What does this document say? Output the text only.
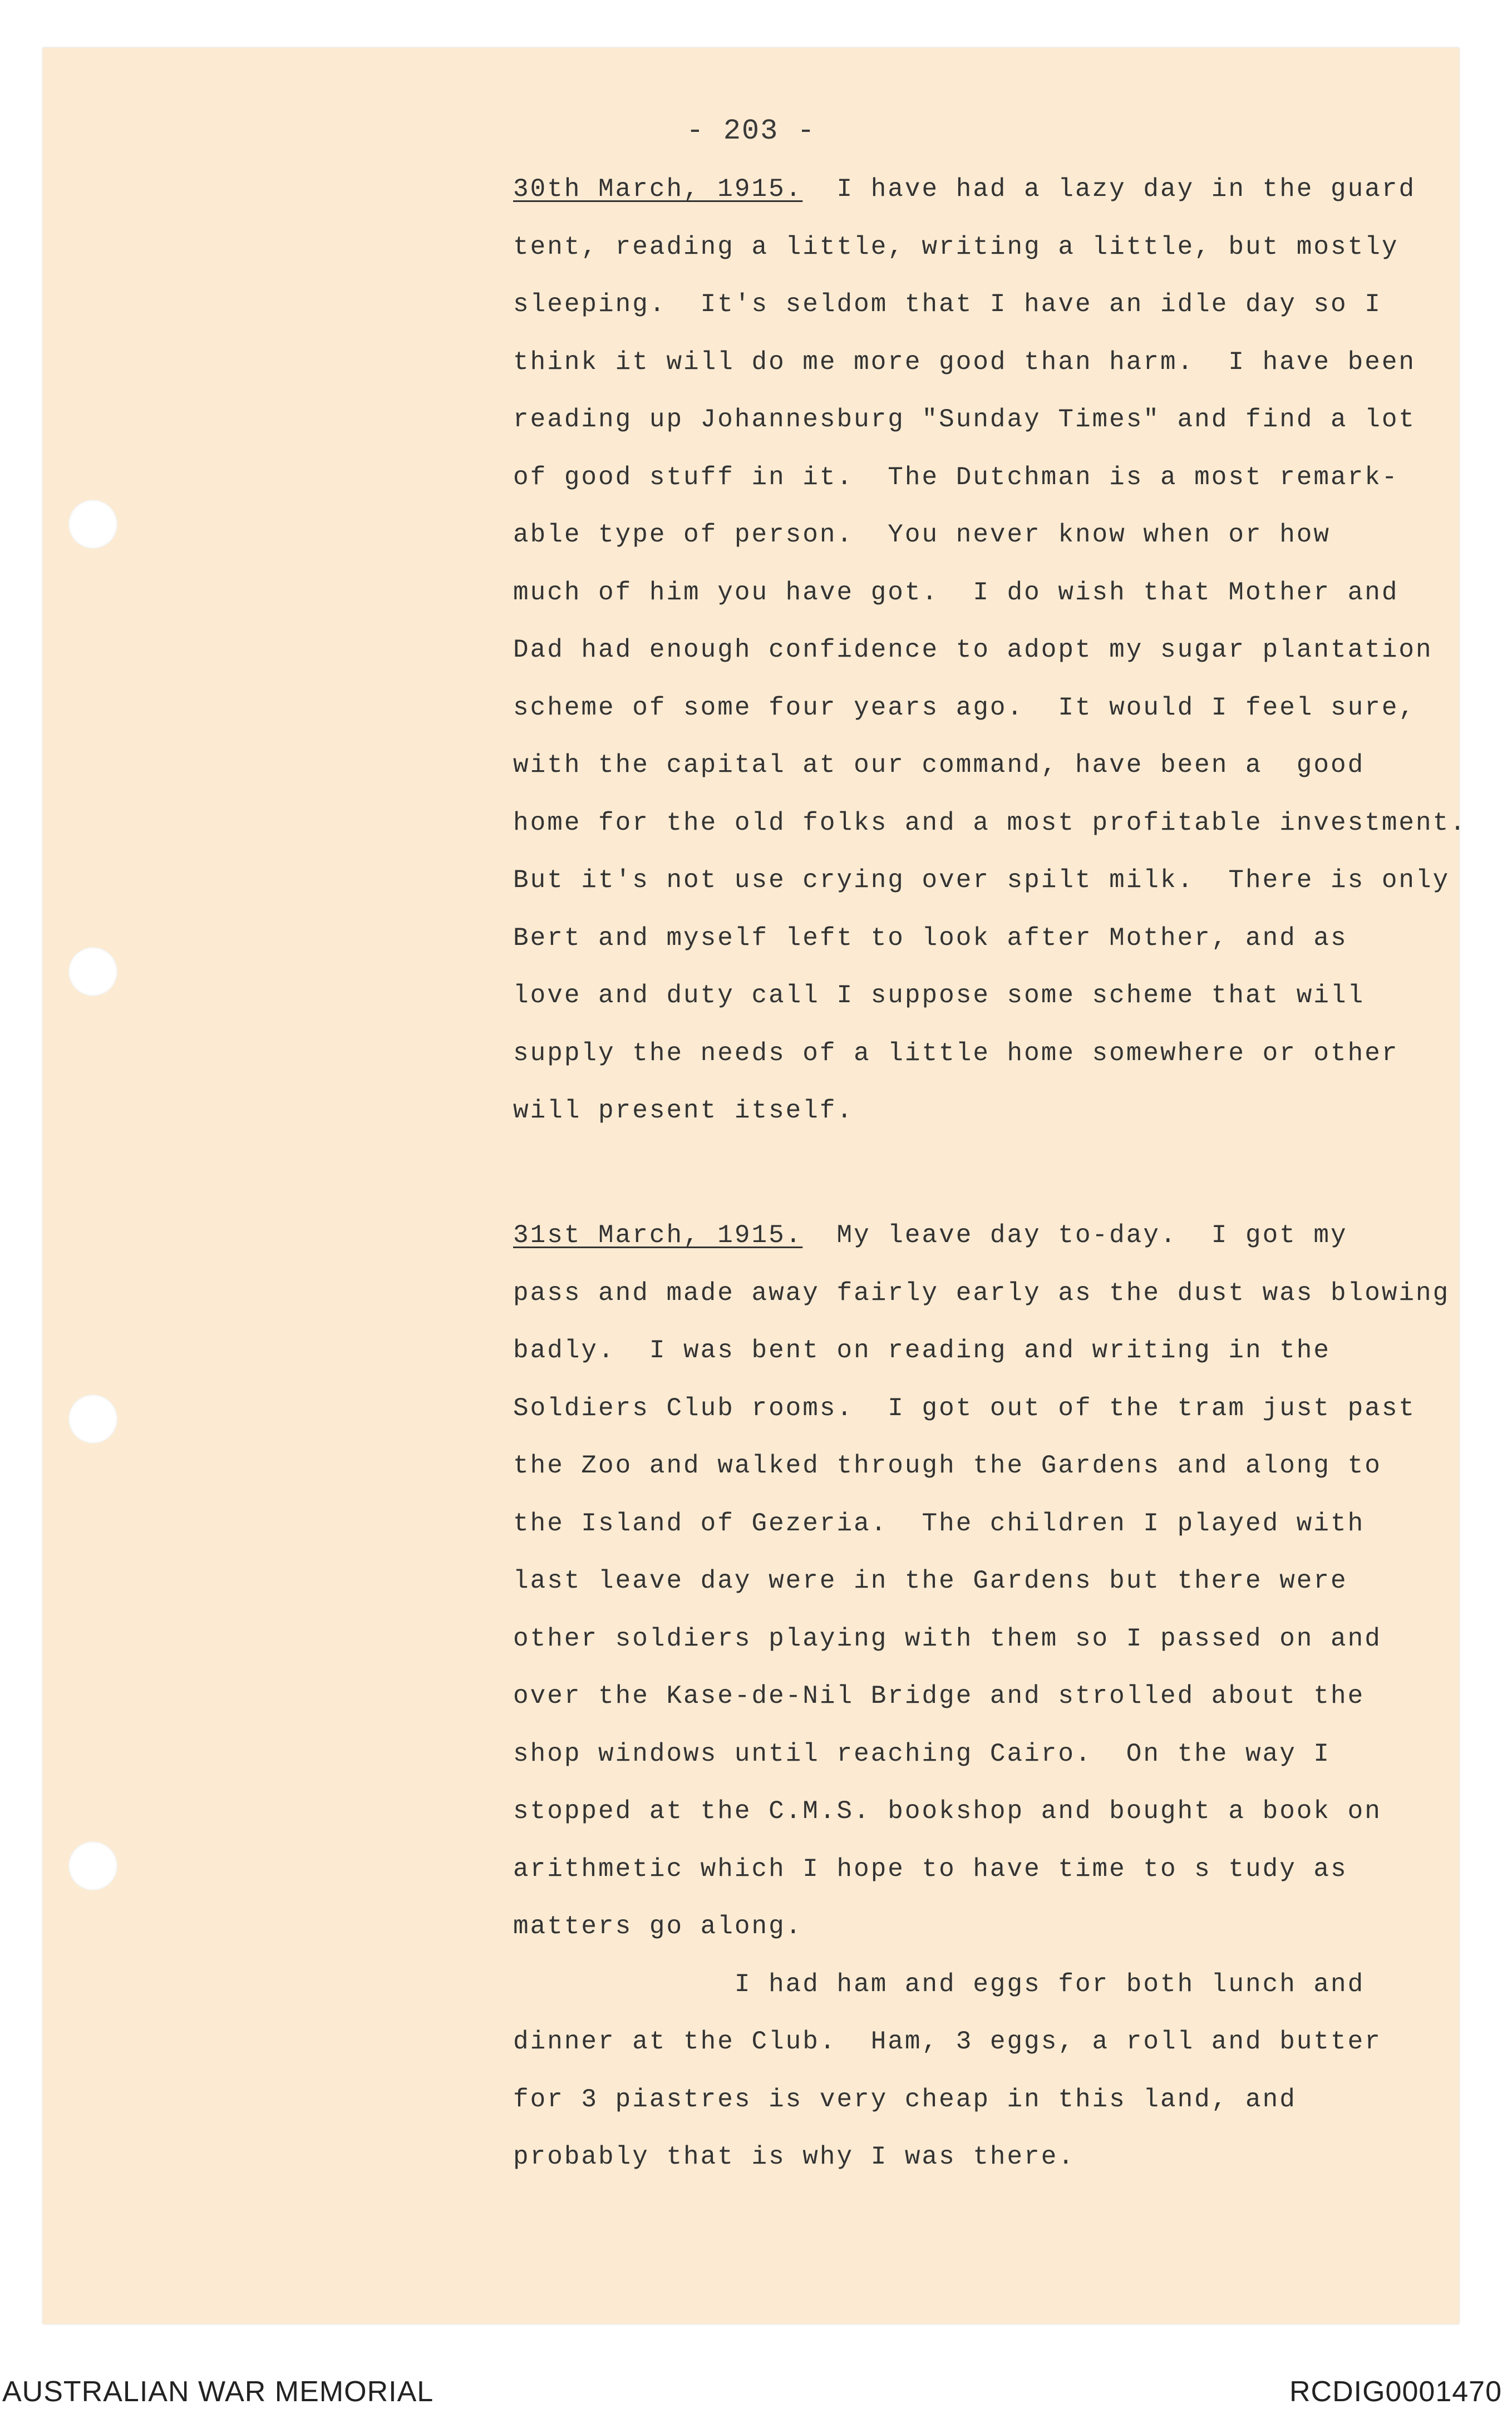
- 203 -
30th March, 1915.  I have had a lazy day in the guard
tent, reading a little, writing a little, but mostly
sleeping.  It's seldom that I have an idle day so I
think it will do me more good than harm.  I have been
reading up Johannesburg "Sunday Times" and find a lot
of good stuff in it.  The Dutchman is a most remark-
able type of person.  You never know when or how
much of him you have got.  I do wish that Mother and
Dad had enough confidence to adopt my sugar plantation
scheme of some four years ago.  It would I feel sure,
with the capital at our command, have been a  good
home for the old folks and a most profitable investment.
But it's not use crying over spilt milk.  There is only
Bert and myself left to look after Mother, and as
love and duty call I suppose some scheme that will
supply the needs of a little home somewhere or other
will present itself.
31st March, 1915.  My leave day to-day.  I got my
pass and made away fairly early as the dust was blowing
badly.  I was bent on reading and writing in the
Soldiers Club rooms.  I got out of the tram just past
the Zoo and walked through the Gardens and along to
the Island of Gezeria.  The children I played with
last leave day were in the Gardens but there were
other soldiers playing with them so I passed on and
over the Kase-de-Nil Bridge and strolled about the
shop windows until reaching Cairo.  On the way I
stopped at the C.M.S. bookshop and bought a book on
arithmetic which I hope to have time to s tudy as
matters go along.
I had ham and eggs for both lunch and
dinner at the Club.  Ham, 3 eggs, a roll and butter
for 3 piastres is very cheap in this land, and
probably that is why I was there.
AUSTRALIAN WAR MEMORIAL	RCDIG0001470
